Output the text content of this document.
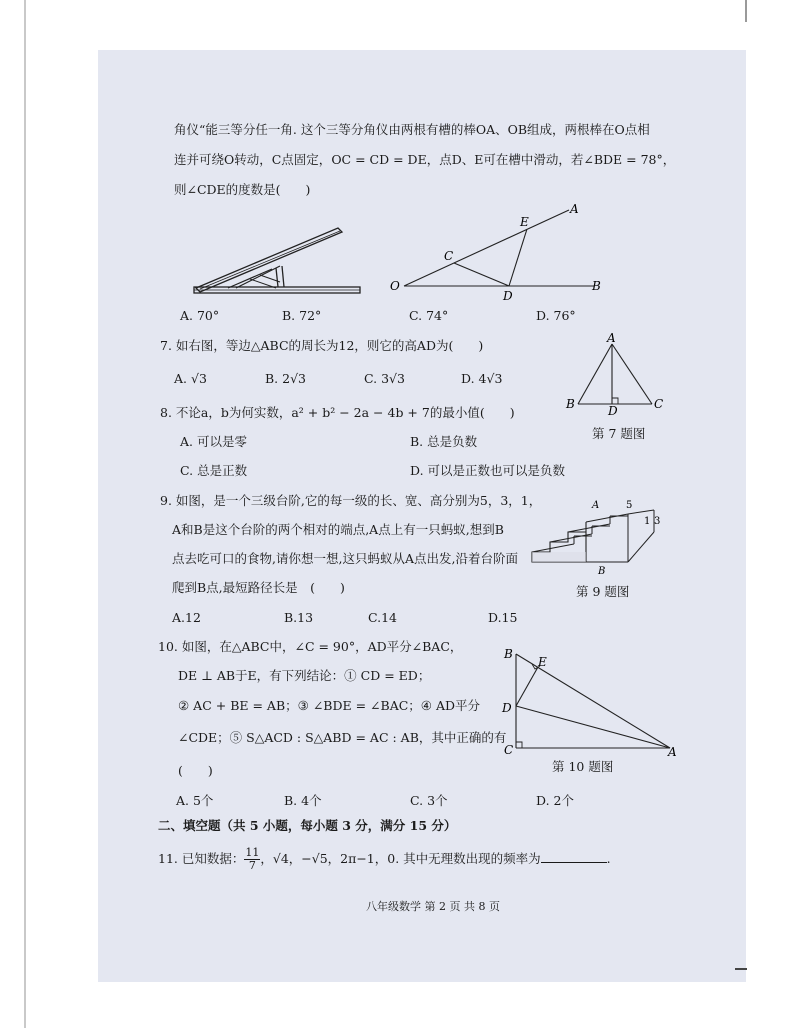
角仪“能三等分任一角. 这个三等分角仪由两根有槽的棒OA、OB组成，两根棒在O点相
连并可绕O转动，C点固定，OC = CD = DE，点D、E可在槽中滑动，若∠BDE = 78°，
则∠CDE的度数是(　　)
O	B
A
C
D
E
A. 70°	B. 72°	C. 74°	D. 76°
7. 如右图，等边△ABC的周长为12，则它的高AD为(　　)
A. √3	B. 2√3	C. 3√3	D. 4√3
A
B	C
D
第 7 题图
8. 不论a，b为何实数，a² + b² − 2a − 4b + 7的最小值(　　)
A. 可以是零	B. 总是负数
C. 总是正数	D. 可以是正数也可以是负数
9. 如图，是一个三级台阶,它的每一级的长、宽、高分别为5，3，1，
A和B是这个台阶的两个相对的端点,A点上有一只蚂蚁,想到B
点去吃可口的食物,请你想一想,这只蚂蚁从A点出发,沿着台阶面
爬到B点,最短路径长是　(　　)
A.12	B.13	C.14	D.15
A	5
1 3
B
第 9 题图
10. 如图，在△ABC中，∠C = 90°，AD平分∠BAC，
DE ⊥ AB于E，有下列结论：① CD = ED；
② AC + BE = AB；③ ∠BDE = ∠BAC；④ AD平分
∠CDE；⑤ S△ACD : S△ABD = AC : AB，其中正确的有
(　　)
B
E
D
C	A
第 10 题图
A. 5个	B. 4个	C. 3个	D. 2个
二、填空题（共 5 小题，每小题 3 分，满分 15 分）
11. 已知数据： $\frac{11}{7}$ ，√4，−√5，2π−1，0. 其中无理数出现的频率为	.
八年级数学 第 2 页 共 8 页
